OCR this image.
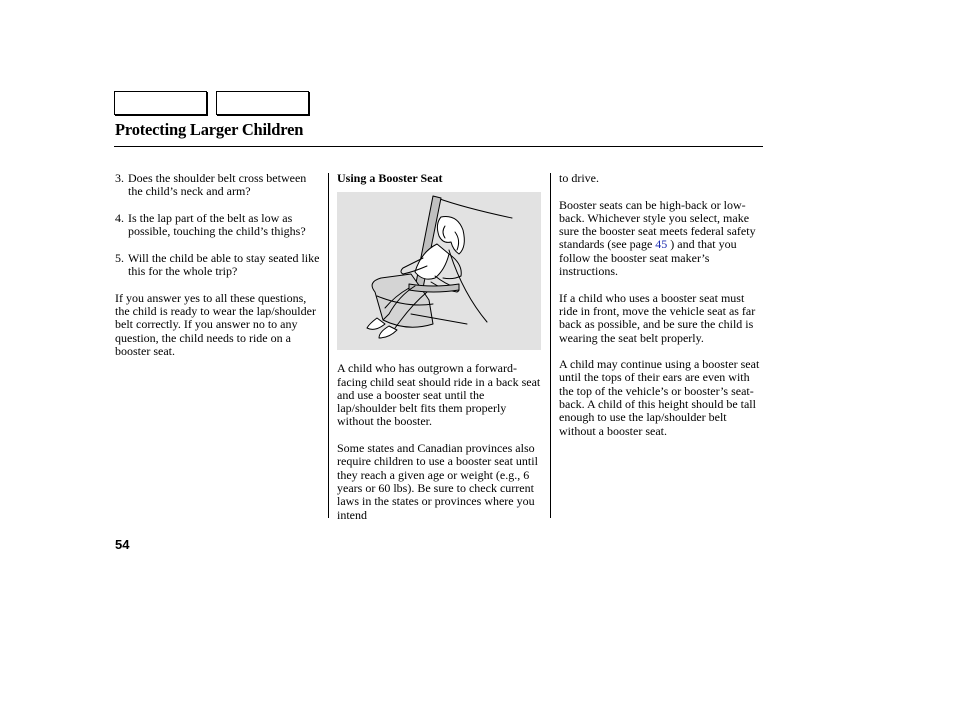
Protecting Larger Children

3. Does the shoulder belt cross between the child’s neck and arm?

4. Is the lap part of the belt as low as possible, touching the child’s thighs?

5. Will the child be able to stay seated like this for the whole trip?

If you answer yes to all these questions, the child is ready to wear the lap/shoulder belt correctly. If you answer no to any question, the child needs to ride on a booster seat.

Using a Booster Seat

A child who has outgrown a forward-facing child seat should ride in a back seat and use a booster seat until the lap/shoulder belt fits them properly without the booster.

Some states and Canadian provinces also require children to use a booster seat until they reach a given age or weight (e.g., 6 years or 60 lbs). Be sure to check current laws in the states or provinces where you intend

to drive.

Booster seats can be high-back or low-back. Whichever style you select, make sure the booster seat meets federal safety standards (see page 45 ) and that you follow the booster seat maker’s instructions.

If a child who uses a booster seat must ride in front, move the vehicle seat as far back as possible, and be sure the child is wearing the seat belt properly.

A child may continue using a booster seat until the tops of their ears are even with the top of the vehicle’s or booster’s seat-back. A child of this height should be tall enough to use the lap/shoulder belt without a booster seat.

54
